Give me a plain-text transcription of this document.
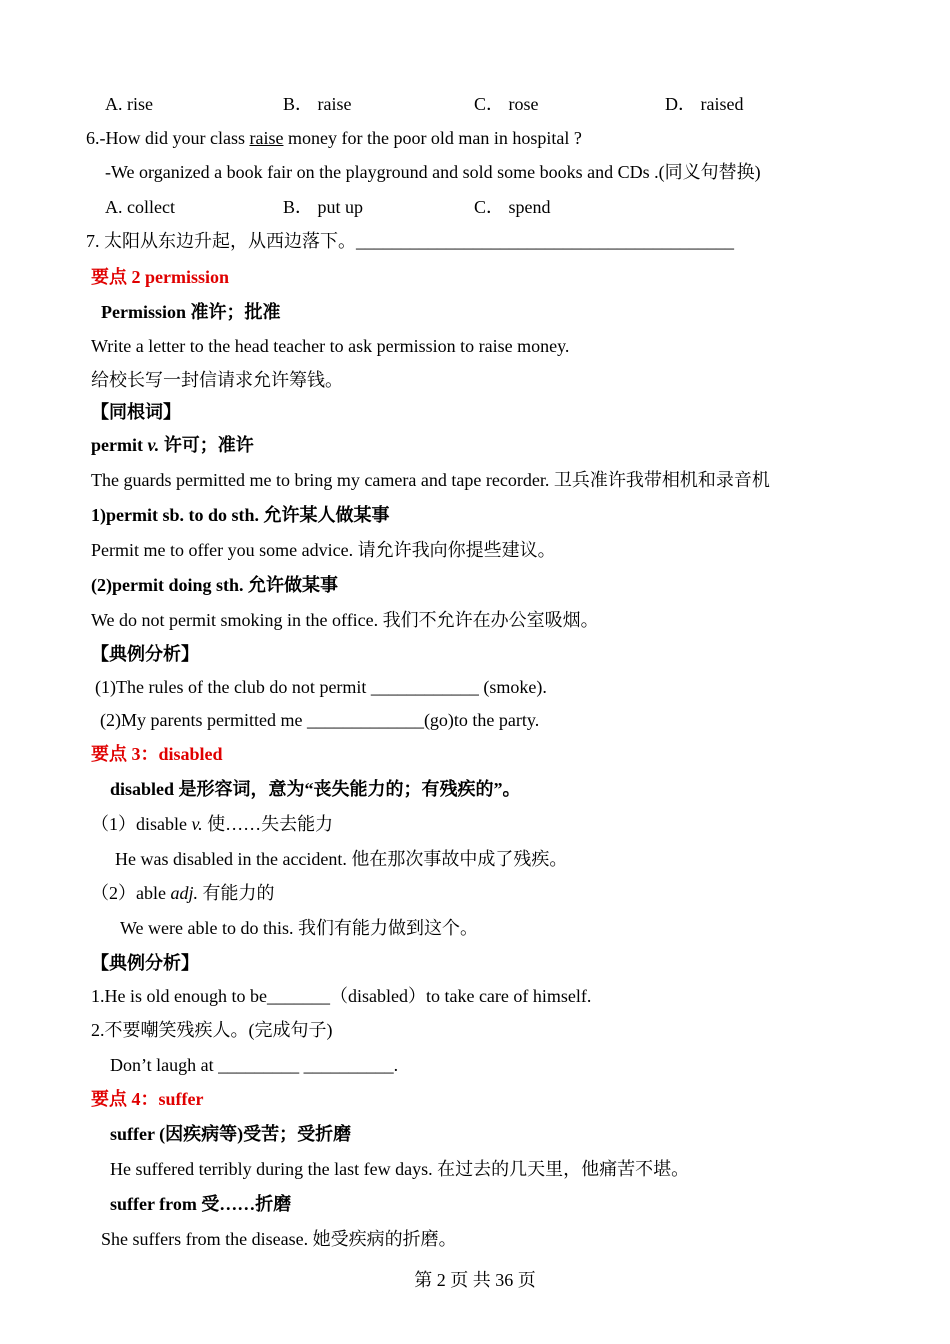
A. rise	B． raise	C． rose	D． raised
6.-How did your class raise money for the poor old man in hospital ?
-We organized a book fair on the playground and sold some books and CDs .(同义句替换)
A. collect	B． put up	C． spend
7. 太阳从东边升起，从西边落下。__________________________________________
要点 2 permission
Permission 准许；批准
Write a letter to the head teacher to ask permission to raise money.
给校长写一封信请求允许筹钱。
【同根词】
permit v. 许可；准许
The guards permitted me to bring my camera and tape recorder. 卫兵准许我带相机和录音机
1)permit sb. to do sth. 允许某人做某事
Permit me to offer you some advice. 请允许我向你提些建议。
(2)permit doing sth. 允许做某事
We do not permit smoking in the office. 我们不允许在办公室吸烟。
【典例分析】
(1)The rules of the club do not permit ____________ (smoke).
(2)My parents permitted me _____________(go)to the party.
要点 3：disabled
disabled 是形容词，意为“丧失能力的；有残疾的”。
（1）disable v. 使……失去能力
He was disabled in the accident. 他在那次事故中成了残疾。
（2）able adj. 有能力的
We were able to do this. 我们有能力做到这个。
【典例分析】
1.He is old enough to be_______（disabled）to take care of himself.
2.不要嘲笑残疾人。(完成句子)
Don’t laugh at _________ __________.
要点 4：suffer
suffer (因疾病等)受苦；受折磨
He suffered terribly during the last few days. 在过去的几天里，他痛苦不堪。
suffer from 受……折磨
She suffers from the disease. 她受疾病的折磨。
第 2 页 共 36 页
